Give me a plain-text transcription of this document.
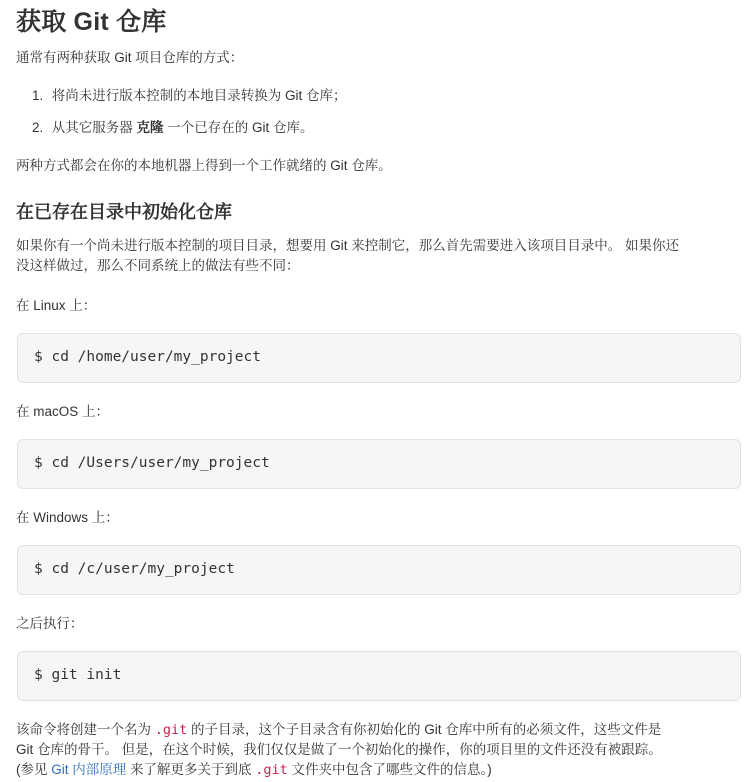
获取 Git 仓库
通常有两种获取 Git 项目仓库的方式：
1. 将尚未进行版本控制的本地目录转换为 Git 仓库；
2. 从其它服务器 克隆 一个已存在的 Git 仓库。
两种方式都会在你的本地机器上得到一个工作就绪的 Git 仓库。
在已存在目录中初始化仓库
如果你有一个尚未进行版本控制的项目目录，想要用 Git 来控制它，那么首先需要进入该项目目录中。 如果你还
没这样做过，那么不同系统上的做法有些不同：
在 Linux 上：
$ cd /home/user/my_project
在 macOS 上：
$ cd /Users/user/my_project
在 Windows 上：
$ cd /c/user/my_project
之后执行：
$ git init
该命令将创建一个名为 .git 的子目录，这个子目录含有你初始化的 Git 仓库中所有的必须文件，这些文件是
Git 仓库的骨干。 但是，在这个时候，我们仅仅是做了一个初始化的操作，你的项目里的文件还没有被跟踪。
(参见 Git 内部原理 来了解更多关于到底 .git 文件夹中包含了哪些文件的信息。)
